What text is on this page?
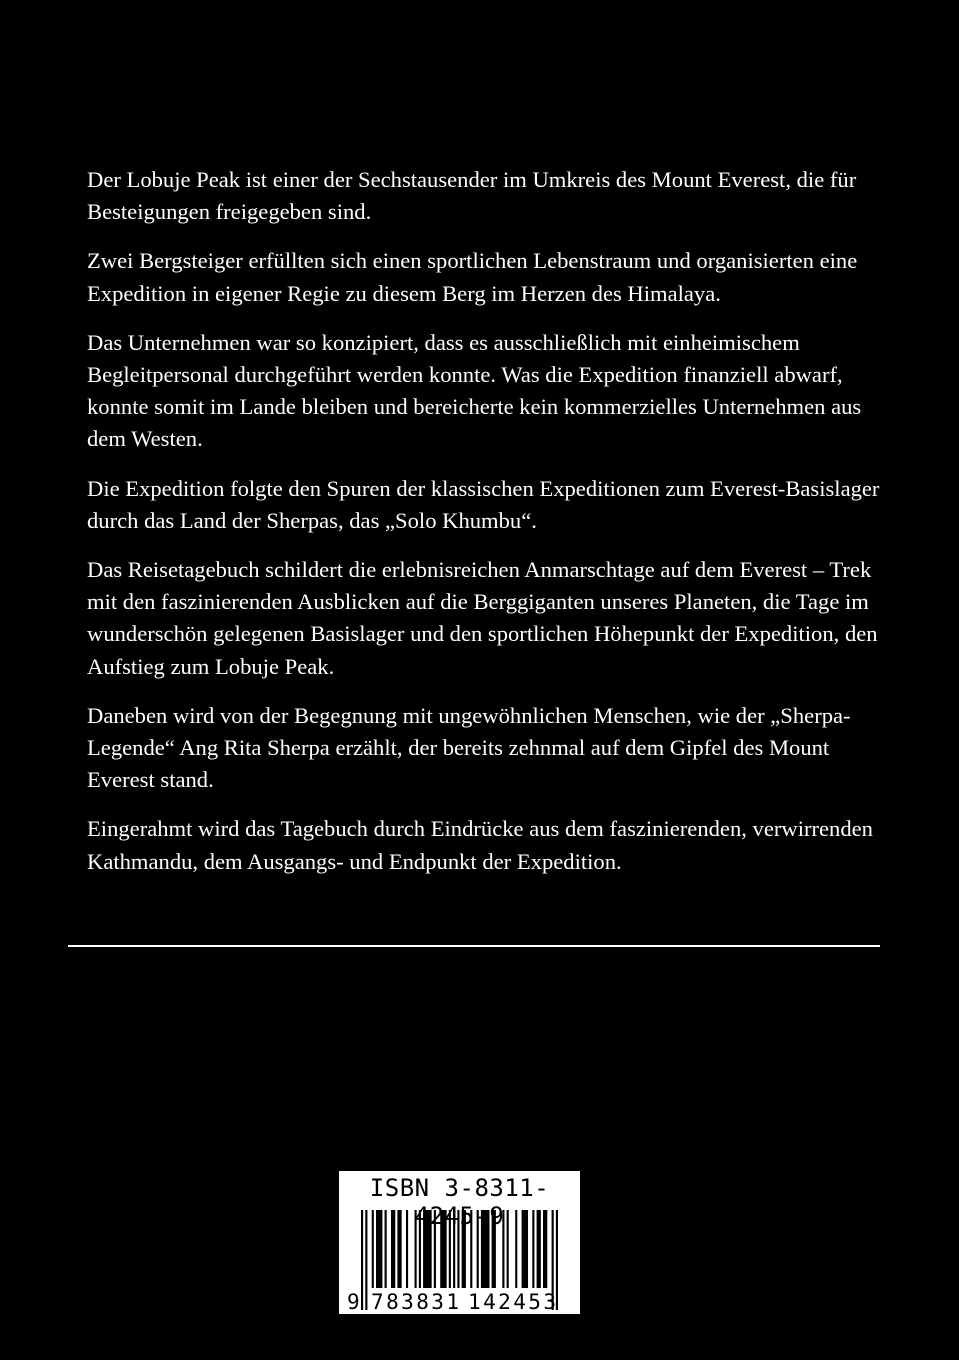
Der Lobuje Peak ist einer der Sechstausender im Umkreis des Mount Everest, die für Besteigungen freigegeben sind.

Zwei Bergsteiger erfüllten sich einen sportlichen Lebenstraum und organisierten eine Expedition in eigener Regie zu diesem Berg im Herzen des Himalaya.

Das Unternehmen war so konzipiert, dass es ausschließlich mit einheimischem Begleitpersonal durchgeführt werden konnte. Was die Expedition finanziell abwarf, konnte somit im Lande bleiben und bereicherte kein kommerzielles Unternehmen aus dem Westen.

Die Expedition folgte den Spuren der klassischen Expeditionen zum Everest-Basislager durch das Land der Sherpas, das „Solo Khumbu“.

Das Reisetagebuch schildert die erlebnisreichen Anmarschtage auf dem Everest – Trek mit den faszinierenden Ausblicken auf die Berggiganten unseres Planeten, die Tage im wunderschön gelegenen Basislager und den sportlichen Höhepunkt der Expedition, den Aufstieg zum Lobuje Peak.

Daneben wird von der Begegnung mit ungewöhnlichen Menschen, wie der „Sherpa-Legende“ Ang Rita Sherpa erzählt, der bereits zehnmal auf dem Gipfel des Mount Everest stand.

Eingerahmt wird das Tagebuch durch Eindrücke aus dem faszinierenden, verwirrenden Kathmandu, dem Ausgangs- und Endpunkt der Expedition.

ISBN 3-8311-4245-9
9 783831 142453
